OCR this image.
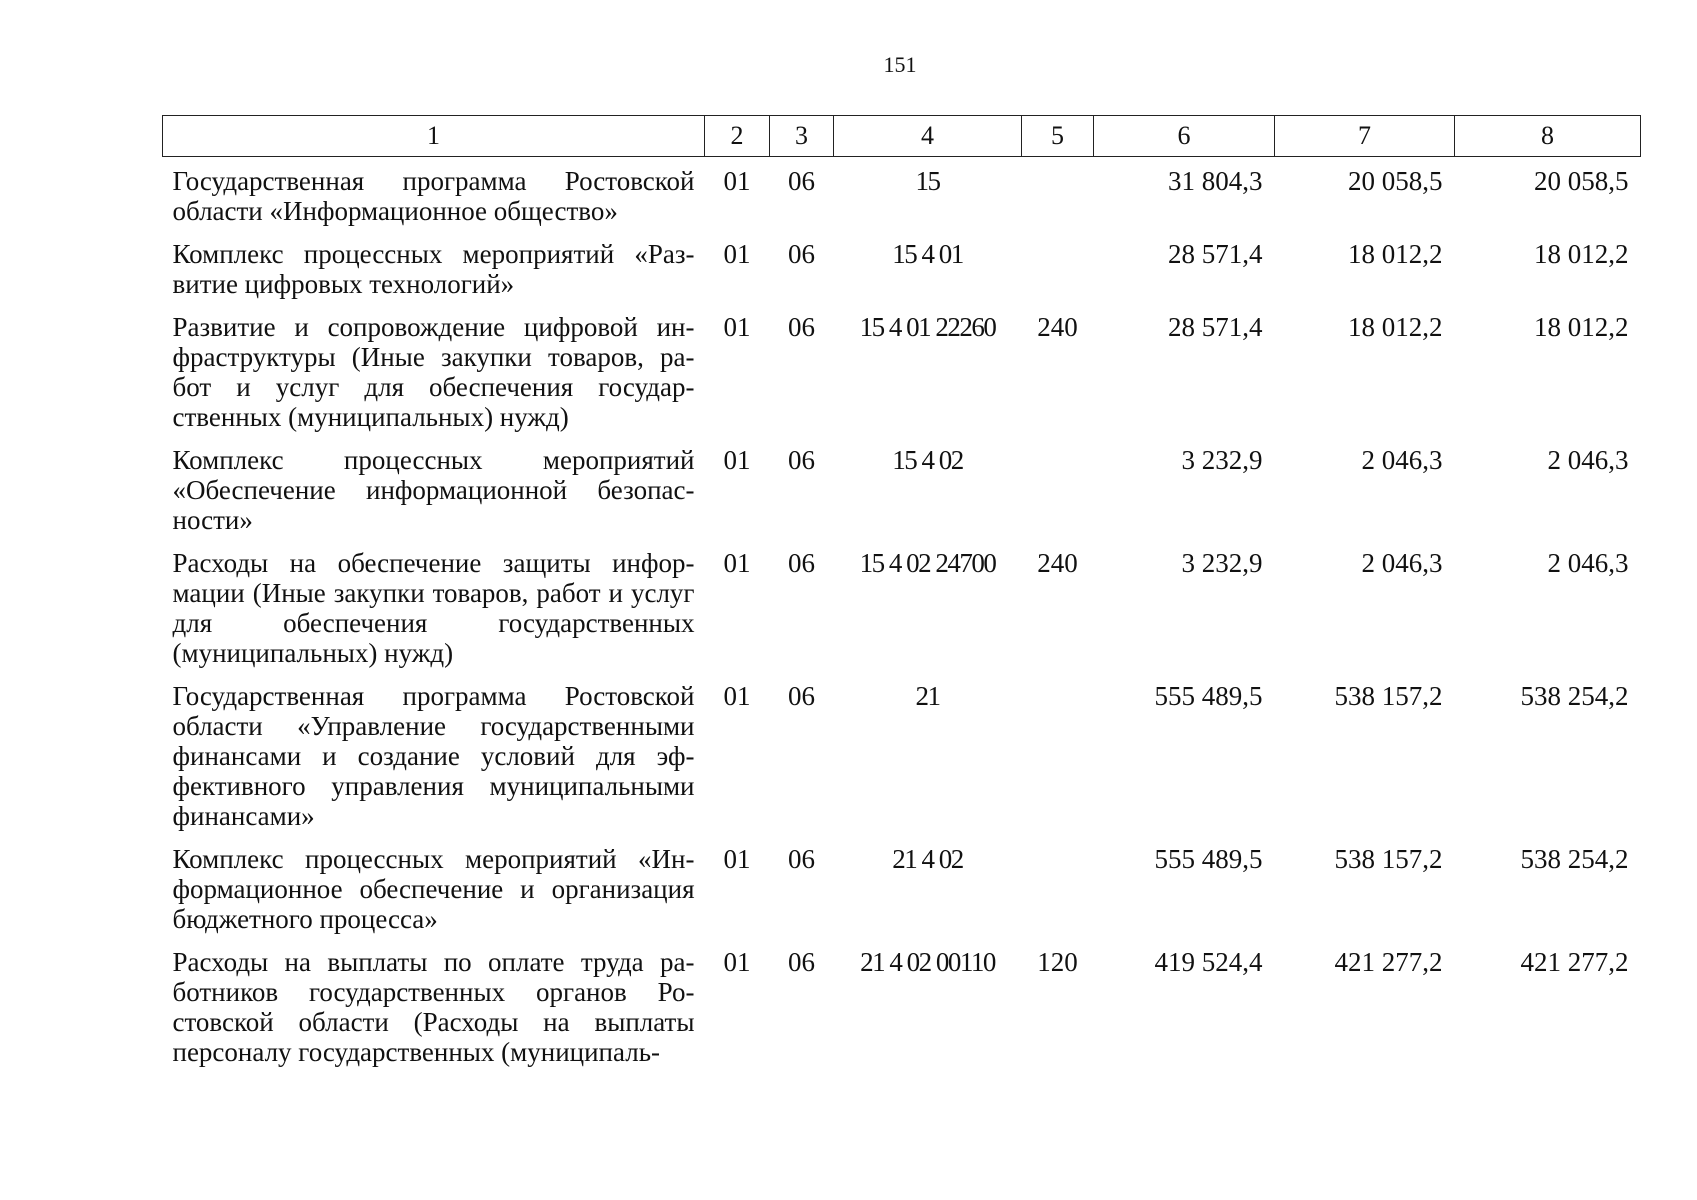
151
1	2	3	4	5	6	7	8
Государственная программа Ростовской области «Информационное общество»	01	06	15		31 804,3	20 058,5	20 058,5
Комплекс процессных мероприятий «Раз-витие цифровых технологий»	01	06	15 4 01		28 571,4	18 012,2	18 012,2
Развитие и сопровождение цифровой ин-фраструктуры (Иные закупки товаров, ра-бот и услуг для обеспечения государ-ственных (муниципальных) нужд)	01	06	15 4 01 22260	240	28 571,4	18 012,2	18 012,2
Комплекс процессных мероприятий «Обеспечение информационной безопас-ности»	01	06	15 4 02		3 232,9	2 046,3	2 046,3
Расходы на обеспечение защиты инфор-мации (Иные закупки товаров, работ и услуг для обеспечения государственных (муниципальных) нужд)	01	06	15 4 02 24700	240	3 232,9	2 046,3	2 046,3
Государственная программа Ростовской области «Управление государственными финансами и создание условий для эф-фективного управления муниципальными финансами»	01	06	21		555 489,5	538 157,2	538 254,2
Комплекс процессных мероприятий «Ин-формационное обеспечение и организация бюджетного процесса»	01	06	21 4 02		555 489,5	538 157,2	538 254,2
Расходы на выплаты по оплате труда ра-ботников государственных органов Ро-стовской области (Расходы на выплаты персоналу государственных (муниципаль-	01	06	21 4 02 00110	120	419 524,4	421 277,2	421 277,2
